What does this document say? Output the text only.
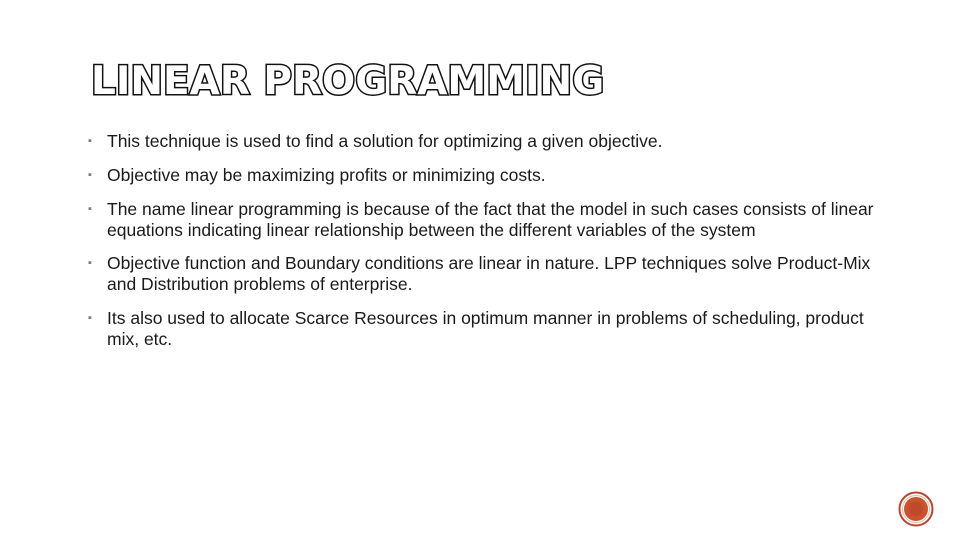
LINEAR PROGRAMMING
▪ This technique is used to find a solution for optimizing a given objective.
▪ Objective may be maximizing profits or minimizing costs.
▪ The name linear programming is because of the fact that the model in such cases consists of linear equations indicating linear relationship between the different variables of the system
▪ Objective function and Boundary conditions are linear in nature. LPP techniques solve Product-Mix and Distribution problems of enterprise.
▪ Its also used to allocate Scarce Resources in optimum manner in problems of scheduling, product mix, etc.
